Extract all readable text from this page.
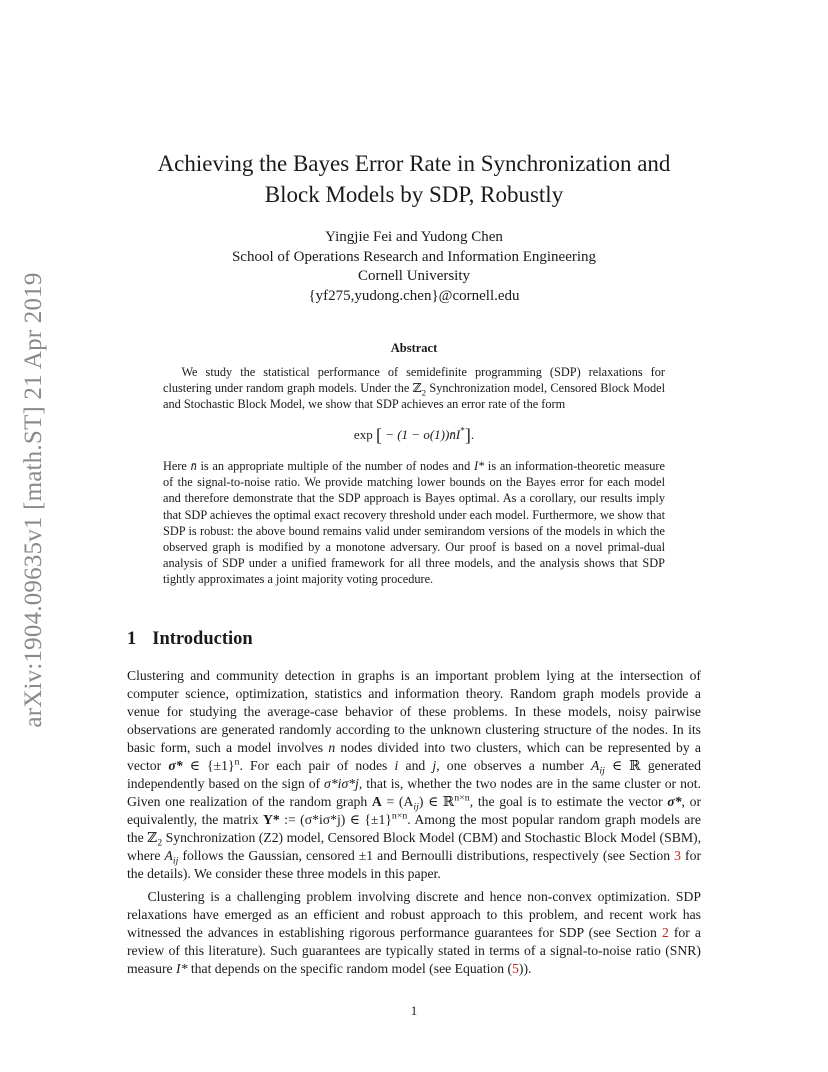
arXiv:1904.09635v1 [math.ST] 21 Apr 2019
Achieving the Bayes Error Rate in Synchronization and
Block Models by SDP, Robustly
Yingjie Fei and Yudong Chen
School of Operations Research and Information Engineering
Cornell University
{yf275,yudong.chen}@cornell.edu
Abstract

We study the statistical performance of semidefinite programming (SDP) relaxations for clustering under random graph models. Under the ℤ$_2$ Synchronization model, Censored Block Model and Stochastic Block Model, we show that SDP achieves an error rate of the form

exp [ − (1 − o(1))n̄I*].

Here n̄ is an appropriate multiple of the number of nodes and I* is an information-theoretic measure of the signal-to-noise ratio. We provide matching lower bounds on the Bayes error for each model and therefore demonstrate that the SDP approach is Bayes optimal. As a corollary, our results imply that SDP achieves the optimal exact recovery threshold under each model. Furthermore, we show that SDP is robust: the above bound remains valid under semirandom versions of the models in which the observed graph is modified by a monotone adversary. Our proof is based on a novel primal-dual analysis of SDP under a unified framework for all three models, and the analysis shows that SDP tightly approximates a joint majority voting procedure.

1 Introduction

Clustering and community detection in graphs is an important problem lying at the intersection of computer science, optimization, statistics and information theory. Random graph models provide a venue for studying the average-case behavior of these problems. In these models, noisy pairwise observations are generated randomly according to the unknown clustering structure of the nodes. In its basic form, such a model involves n nodes divided into two clusters, which can be represented by a vector σ* ∈ $\{\pm 1\}^n$. For each pair of nodes i and j, one observes a number $A_{ij}$ ∈ ℝ generated independently based on the sign of σ*iσ*j, that is, whether the two nodes are in the same cluster or not. Given one realization of the random graph $A = (A_{ij})$ ∈ ℝ$^{n\times n}$, the goal is to estimate the vector σ*, or equivalently, the matrix Y* := (σ*iσ*j) ∈ $\{\pm 1\}^{n\times n}$. Among the most popular random graph models are the ℤ$_2$ Synchronization (Z2) model, Censored Block Model (CBM) and Stochastic Block Model (SBM), where $A_{ij}$ follows the Gaussian, censored ±1 and Bernoulli distributions, respectively (see Section 3 for the details). We consider these three models in this paper.

Clustering is a challenging problem involving discrete and hence non-convex optimization. SDP relaxations have emerged as an efficient and robust approach to this problem, and recent work has witnessed the advances in establishing rigorous performance guarantees for SDP (see Section 2 for a review of this literature). Such guarantees are typically stated in terms of a signal-to-noise ratio (SNR) measure I* that depends on the specific random model (see Equation (5)).

1
